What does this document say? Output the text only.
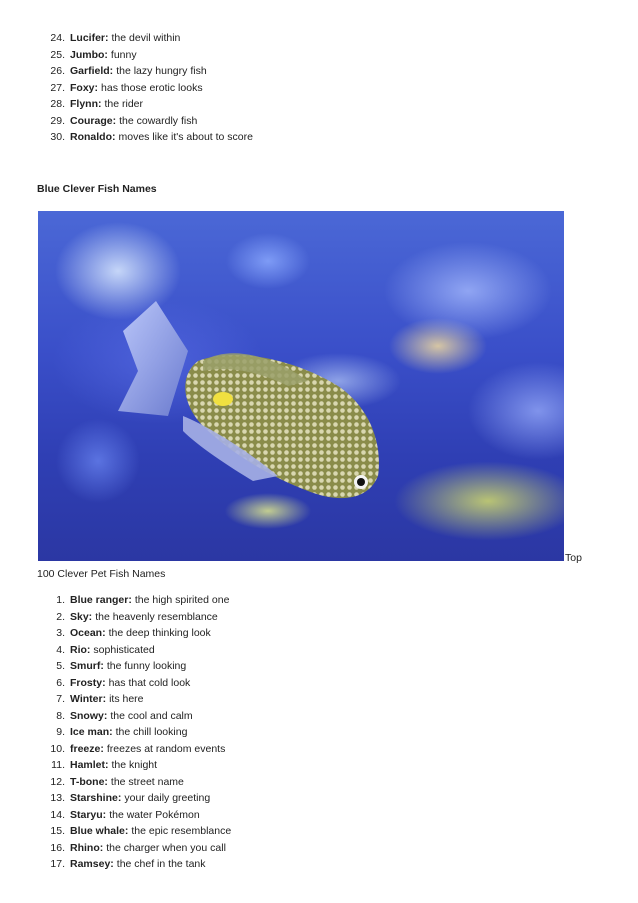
24. Lucifer: the devil within
25. Jumbo: funny
26. Garfield: the lazy hungry fish
27. Foxy: has those erotic looks
28. Flynn: the rider
29. Courage: the cowardly fish
30. Ronaldo: moves like it's about to score
Blue Clever Fish Names
Top
100 Clever Pet Fish Names
1. Blue ranger: the high spirited one
2. Sky: the heavenly resemblance
3. Ocean: the deep thinking look
4. Rio: sophisticated
5. Smurf: the funny looking
6. Frosty: has that cold look
7. Winter: its here
8. Snowy: the cool and calm
9. Ice man: the chill looking
10. freeze: freezes at random events
11. Hamlet: the knight
12. T-bone: the street name
13. Starshine: your daily greeting
14. Staryu: the water Pokémon
15. Blue whale: the epic resemblance
16. Rhino: the charger when you call
17. Ramsey: the chef in the tank
